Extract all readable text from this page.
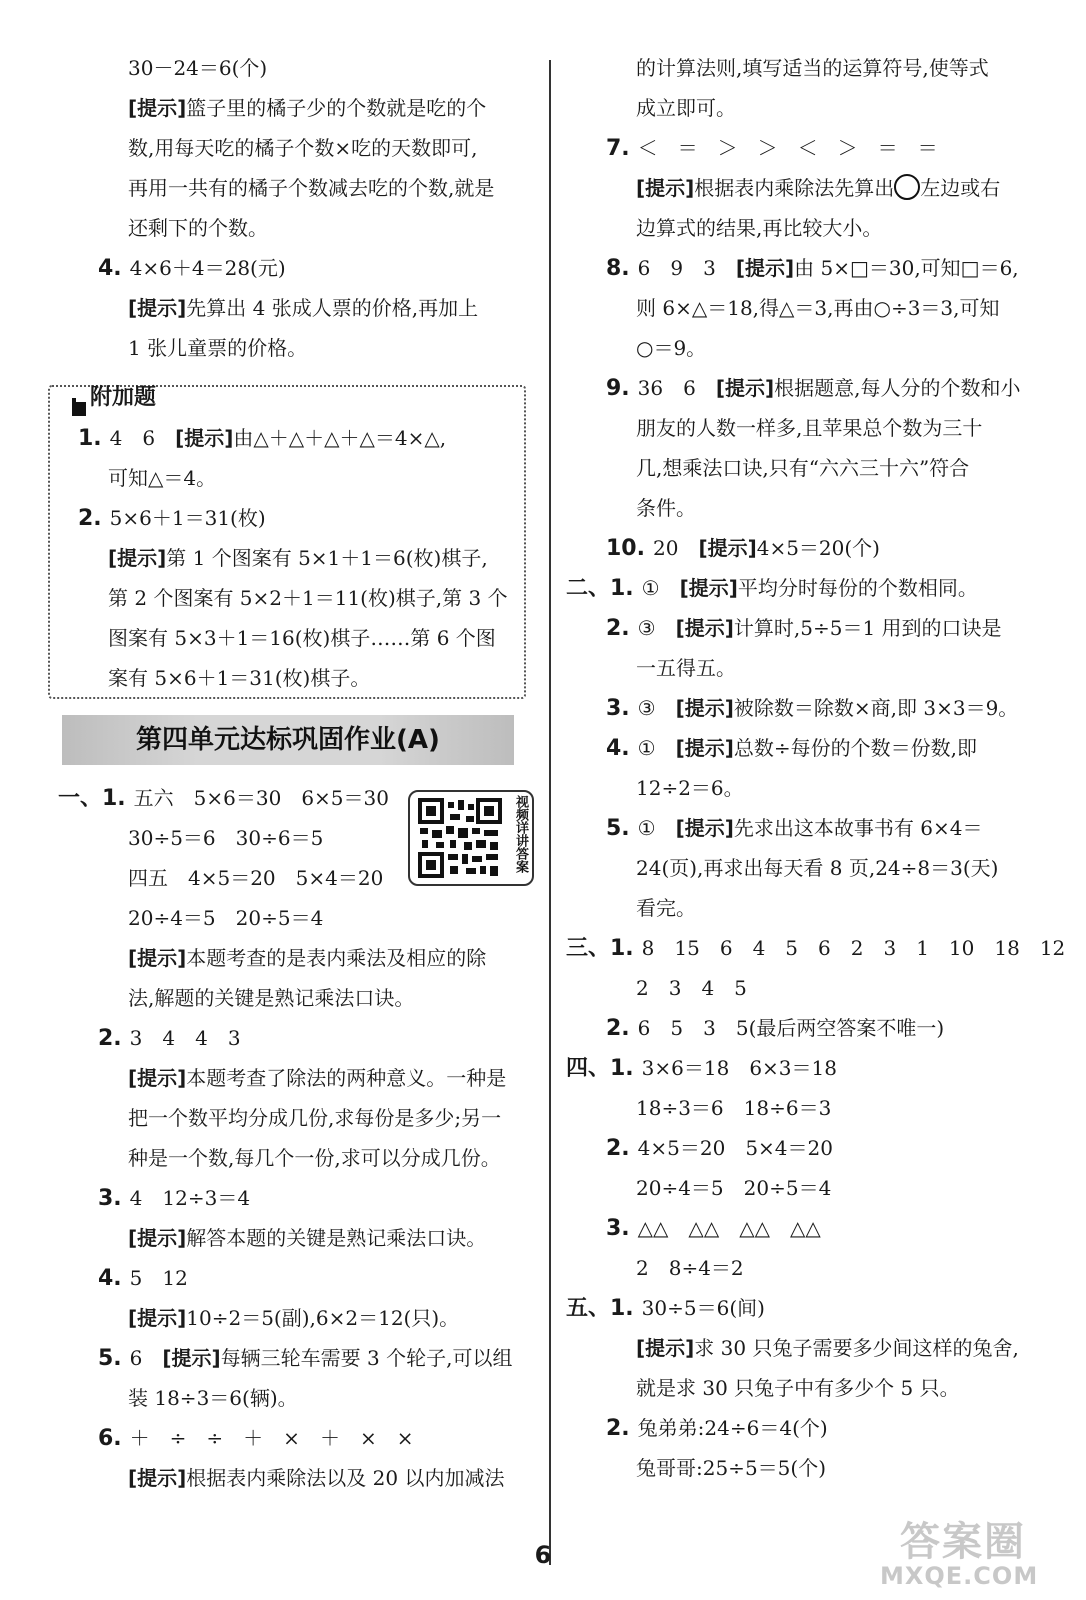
附加题
第四单元达标巩固作业(A)
视频详讲答案
30－24＝6(个)
[提示]篮子里的橘子少的个数就是吃的个
数,用每天吃的橘子个数×吃的天数即可,
再用一共有的橘子个数减去吃的个数,就是
还剩下的个数。
4. 4×6＋4＝28(元)
[提示]先算出 4 张成人票的价格,再加上
1 张儿童票的价格。
1. 4　6　[提示]由△＋△＋△＋△＝4×△,
可知△＝4。
2. 5×6＋1＝31(枚)
[提示]第 1 个图案有 5×1＋1＝6(枚)棋子,
第 2 个图案有 5×2＋1＝11(枚)棋子,第 3 个
图案有 5×3＋1＝16(枚)棋子……第 6 个图
案有 5×6＋1＝31(枚)棋子。
一、1. 五六　5×6＝30　6×5＝30
30÷5＝6　30÷6＝5
四五　4×5＝20　5×4＝20
20÷4＝5　20÷5＝4
[提示]本题考查的是表内乘法及相应的除
法,解题的关键是熟记乘法口诀。
2. 3　4　4　3
[提示]本题考查了除法的两种意义。一种是
把一个数平均分成几份,求每份是多少;另一
种是一个数,每几个一份,求可以分成几份。
3. 4　12÷3＝4
[提示]解答本题的关键是熟记乘法口诀。
4. 5　12
[提示]10÷2＝5(副),6×2＝12(只)。
5. 6　[提示]每辆三轮车需要 3 个轮子,可以组
装 18÷3＝6(辆)。
6. ＋　÷　÷　＋　×　＋　×　×
[提示]根据表内乘除法以及 20 以内加减法
的计算法则,填写适当的运算符号,使等式
成立即可。
7. ＜　＝　＞　＞　＜　＞　＝　＝
[提示]根据表内乘除法先算出 左边或右
边算式的结果,再比较大小。
8. 6　9　3　[提示]由 5×□＝30,可知□＝6,
则 6×△＝18,得△＝3,再由○÷3＝3,可知
○＝9。
9. 36　6　[提示]根据题意,每人分的个数和小
朋友的人数一样多,且苹果总个数为三十
几,想乘法口诀,只有“六六三十六”符合
条件。
10. 20　[提示]4×5＝20(个)
二、1. ①　[提示]平均分时每份的个数相同。
2. ③　[提示]计算时,5÷5＝1 用到的口诀是
一五得五。
3. ③　[提示]被除数＝除数×商,即 3×3＝9。
4. ①　[提示]总数÷每份的个数＝份数,即
12÷2＝6。
5. ①　[提示]先求出这本故事书有 6×4＝
24(页),再求出每天看 8 页,24÷8＝3(天)
看完。
三、1. 8　15　6　4　5　6　2　3　1　10　18　12
2　3　4　5
2. 6　5　3　5(最后两空答案不唯一)
四、1. 3×6＝18　6×3＝18
18÷3＝6　18÷6＝3
2. 4×5＝20　5×4＝20
20÷4＝5　20÷5＝4
3. △△　△△　△△　△△
2　8÷4＝2
五、1. 30÷5＝6(间)
[提示]求 30 只兔子需要多少间这样的兔舍,
就是求 30 只兔子中有多少个 5 只。
2. 兔弟弟:24÷6＝4(个)
兔哥哥:25÷5＝5(个)
6	答案圈
MXQE.COM
